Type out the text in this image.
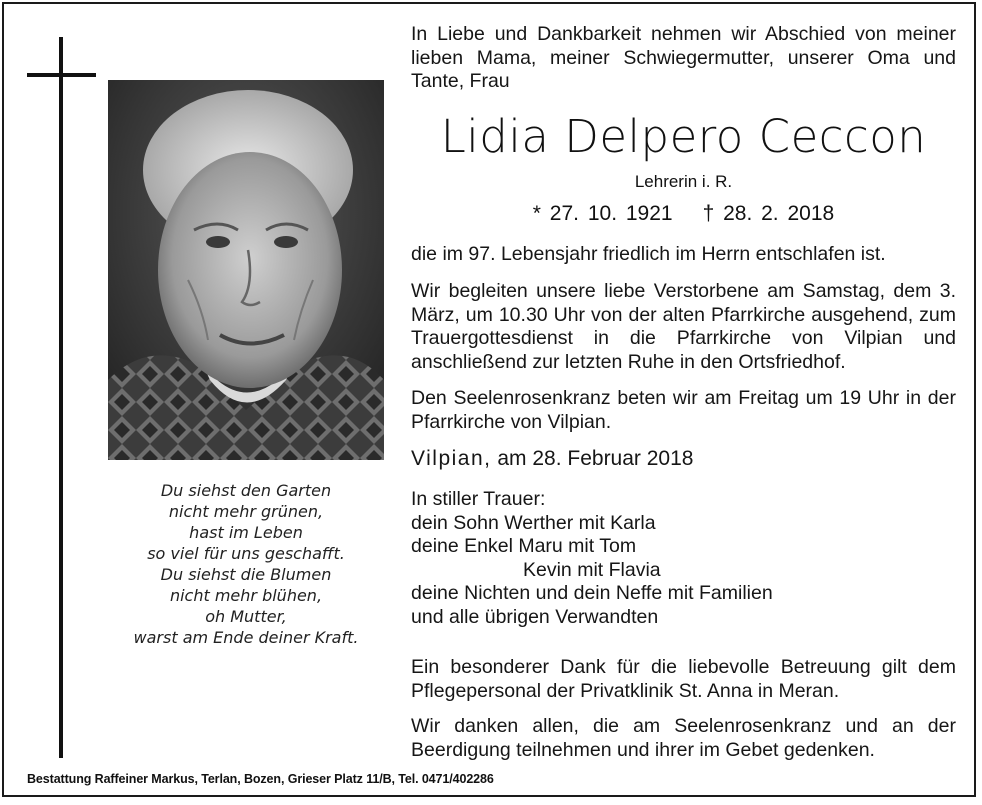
Du siehst den Garten
nicht mehr grünen,
hast im Leben
so viel für uns geschafft.
Du siehst die Blumen
nicht mehr blühen,
oh Mutter,
warst am Ende deiner Kraft.
In Liebe und Dankbarkeit nehmen wir Abschied von meiner lieben Mama, meiner Schwiegermutter, unserer Oma und Tante, Frau
Lidia Delpero Ceccon
Lehrerin i. R.
* 27. 10. 1921 † 28. 2. 2018
die im 97. Lebensjahr friedlich im Herrn entschlafen ist.
Wir begleiten unsere liebe Verstorbene am Samstag, dem 3. März, um 10.30 Uhr von der alten Pfarrkirche ausgehend, zum Trauergottesdienst in die Pfarrkirche von Vilpian und anschließend zur letzten Ruhe in den Ortsfriedhof.
Den Seelenrosenkranz beten wir am Freitag um 19 Uhr in der Pfarrkirche von Vilpian.
Vilpian, am 28. Februar 2018
In stiller Trauer:
dein Sohn Werther mit Karla
deine Enkel Maru mit Tom
Kevin mit Flavia
deine Nichten und dein Neffe mit Familien
und alle übrigen Verwandten
Ein besonderer Dank für die liebevolle Betreuung gilt dem Pflegepersonal der Privatklinik St. Anna in Meran.
Wir danken allen, die am Seelenrosenkranz und an der Beerdigung teilnehmen und ihrer im Gebet gedenken.
Bestattung Raffeiner Markus, Terlan, Bozen, Grieser Platz 11/B, Tel. 0471/402286
